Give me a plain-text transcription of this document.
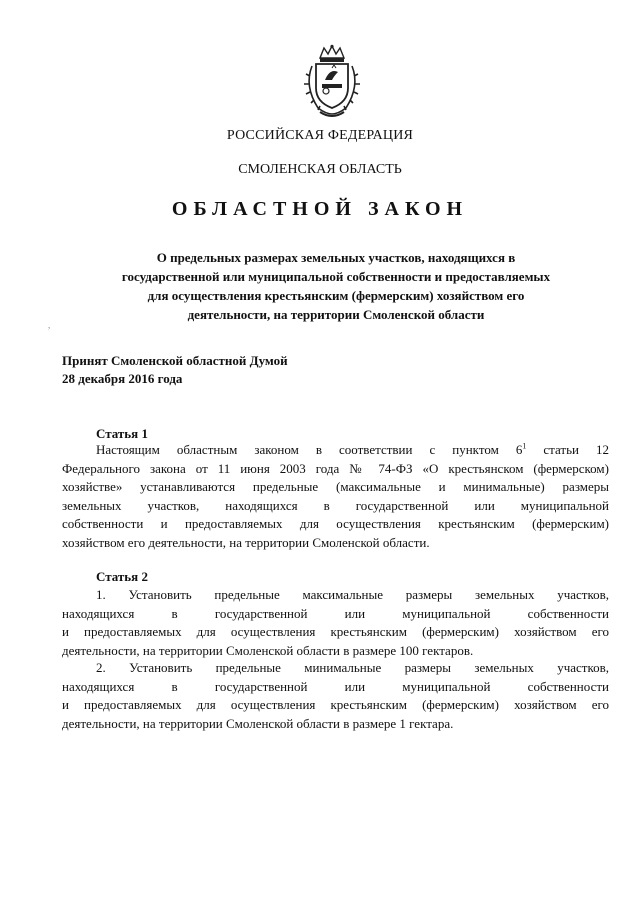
РОССИЙСКАЯ ФЕДЕРАЦИЯ
СМОЛЕНСКАЯ ОБЛАСТЬ
ОБЛАСТНОЙ ЗАКОН
О предельных размерах земельных участков, находящихся в
государственной или муниципальной собственности и предоставляемых
для осуществления крестьянским (фермерским) хозяйством его
деятельности, на территории Смоленской области
,
Принят Смоленской областной Думой
28 декабря 2016 года
Статья 1
Настоящим областным законом в соответствии с пунктом $6^1$ статьи 12
Федерального закона от 11 июня 2003 года № 74-ФЗ «О крестьянском (фермерском)
хозяйстве» устанавливаются предельные (максимальные и минимальные) размеры
земельных участков, находящихся в государственной или муниципальной
собственности и предоставляемых для осуществления крестьянским (фермерским)
хозяйством его деятельности, на территории Смоленской области.
Статья 2
1. Установить предельные максимальные размеры земельных участков,
находящихся в государственной или муниципальной собственности
и предоставляемых для осуществления крестьянским (фермерским) хозяйством его
деятельности, на территории Смоленской области в размере 100 гектаров.
2. Установить предельные минимальные размеры земельных участков,
находящихся в государственной или муниципальной собственности
и предоставляемых для осуществления крестьянским (фермерским) хозяйством его
деятельности, на территории Смоленской области в размере 1 гектара.
